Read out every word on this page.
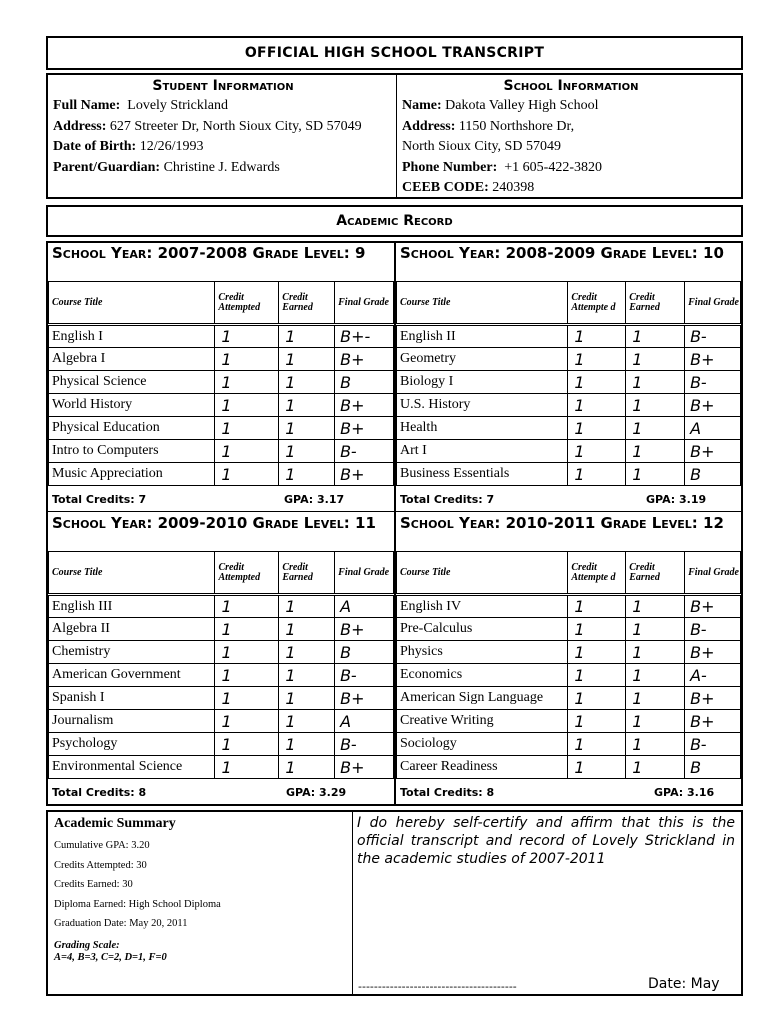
OFFICIAL HIGH SCHOOL TRANSCRIPT
Student Information
Full Name: Lovely Strickland
Address: 627 Streeter Dr, North Sioux City, SD 57049
Date of Birth: 12/26/1993
Parent/Guardian: Christine J. Edwards
School Information
Name: Dakota Valley High School
Address: 1150 Northshore Dr,
North Sioux City, SD 57049
Phone Number: +1 605-422-3820
CEEB CODE: 240398
Academic Record
School Year: 2007-2008 Grade Level: 9
Course Title	Credit Attempted	Credit Earned	Final Grade
English I	1	1	B+-
Algebra I	1	1	B+
Physical Science	1	1	B
World History	1	1	B+
Physical Education	1	1	B+
Intro to Computers	1	1	B-
Music Appreciation	1	1	B+
Total Credits: 7	GPA: 3.17
School Year: 2008-2009 Grade Level: 10
Course Title	Credit Attempte d	Credit Earned	Final Grade
English II	1	1	B-
Geometry	1	1	B+
Biology I	1	1	B-
U.S. History	1	1	B+
Health	1	1	A
Art I	1	1	B+
Business Essentials	1	1	B
Total Credits: 7	GPA: 3.19
School Year: 2009-2010 Grade Level: 11
Course Title	Credit Attempted	Credit Earned	Final Grade
English III	1	1	A
Algebra II	1	1	B+
Chemistry	1	1	B
American Government	1	1	B-
Spanish I	1	1	B+
Journalism	1	1	A
Psychology	1	1	B-
Environmental Science	1	1	B+
Total Credits: 8	GPA: 3.29
School Year: 2010-2011 Grade Level: 12
Course Title	Credit Attempte d	Credit Earned	Final Grade
English IV	1	1	B+
Pre-Calculus	1	1	B-
Physics	1	1	B+
Economics	1	1	A-
American Sign Language	1	1	B+
Creative Writing	1	1	B+
Sociology	1	1	B-
Career Readiness	1	1	B
Total Credits: 8	GPA: 3.16
Academic Summary
Cumulative GPA: 3.20
Credits Attempted: 30
Credits Earned: 30
Diploma Earned: High School Diploma
Graduation Date: May 20, 2011
Grading Scale:
A=4, B=3, C=2, D=1, F=0
I do hereby self-certify and affirm that this is the official transcript and record of Lovely Strickland in the academic studies of 2007-2011
----------------------------------------	Date: May
